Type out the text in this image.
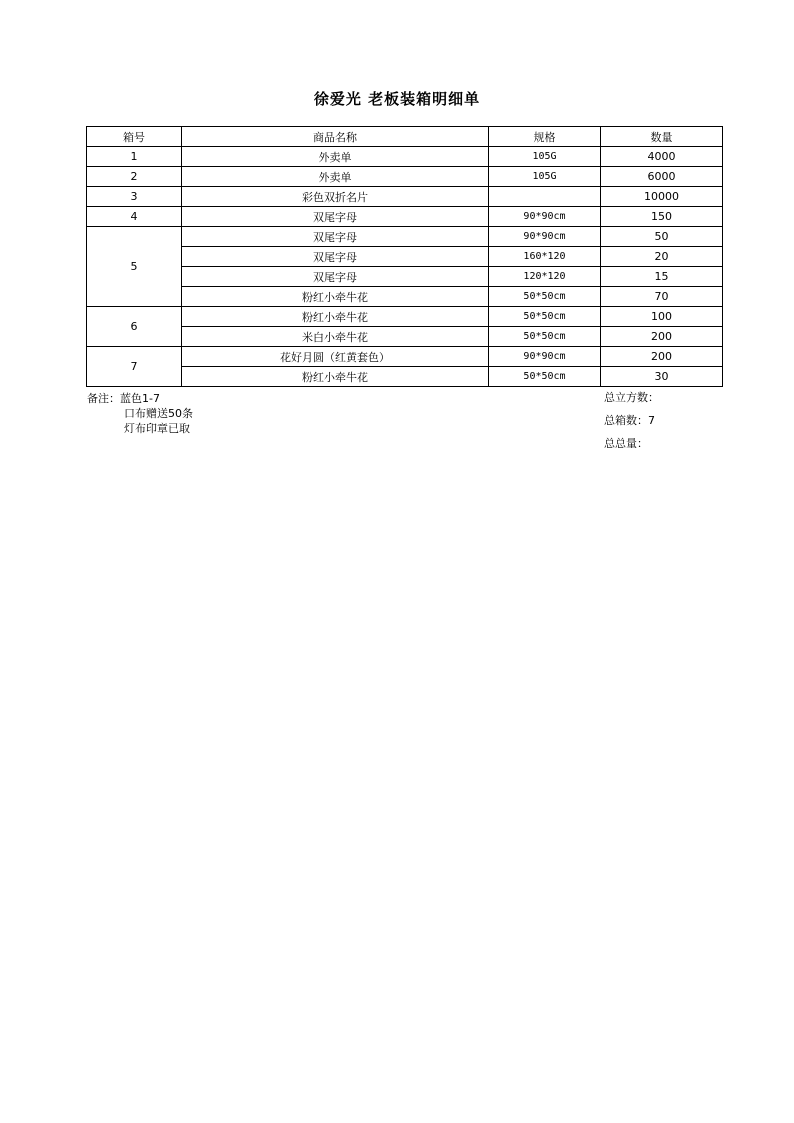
徐爱光 老板装箱明细单
箱号	商品名称	规格	数量
1	外卖单	105G	4000
2	外卖单	105G	6000
3	彩色双折名片		10000
4	双尾字母	90*90cm	150
5	双尾字母	90*90cm	50
	双尾字母	160*120	20
	双尾字母	120*120	15
	粉红小牵牛花	50*50cm	70
6	粉红小牵牛花	50*50cm	100
	米白小牵牛花	50*50cm	200
7	花好月圆（红黄套色）	90*90cm	200
	粉红小牵牛花	50*50cm	30
备注：蓝色1-7
口布赠送50条
灯布印章已取
总立方数：
总箱数：7
总总量：
